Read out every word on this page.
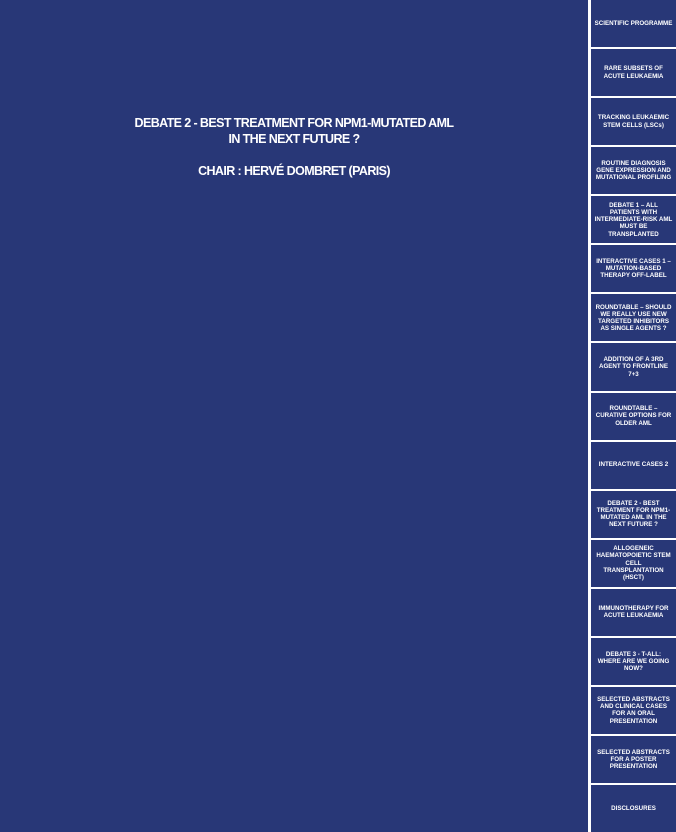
DEBATE 2 - BEST TREATMENT FOR NPM1-MUTATED AML
IN THE NEXT FUTURE ?
CHAIR : HERVÉ DOMBRET (PARIS)
SCIENTIFIC PROGRAMME
RARE SUBSETS OF ACUTE LEUKAEMIA
TRACKING LEUKAEMIC STEM CELLS (LSCs)
ROUTINE DIAGNOSIS GENE EXPRESSION AND MUTATIONAL PROFILING
DEBATE 1 – ALL PATIENTS WITH INTERMEDIATE-RISK AML MUST BE TRANSPLANTED
INTERACTIVE CASES 1 – MUTATION-BASED THERAPY OFF-LABEL
ROUNDTABLE – SHOULD WE REALLY USE NEW TARGETED INHIBITORS AS SINGLE AGENTS ?
ADDITION OF A 3RD AGENT TO FRONTLINE 7+3
ROUNDTABLE – CURATIVE OPTIONS FOR OLDER AML
INTERACTIVE CASES 2
DEBATE 2 - BEST TREATMENT FOR NPM1-MUTATED AML IN THE NEXT FUTURE ?
ALLOGENEIC HAEMATOPOIETIC STEM CELL TRANSPLANTATION (HSCT)
IMMUNOTHERAPY FOR ACUTE LEUKAEMIA
DEBATE 3 - T-ALL: WHERE ARE WE GOING NOW?
SELECTED ABSTRACTS AND CLINICAL CASES FOR AN ORAL PRESENTATION
SELECTED ABSTRACTS FOR A POSTER PRESENTATION
DISCLOSURES
